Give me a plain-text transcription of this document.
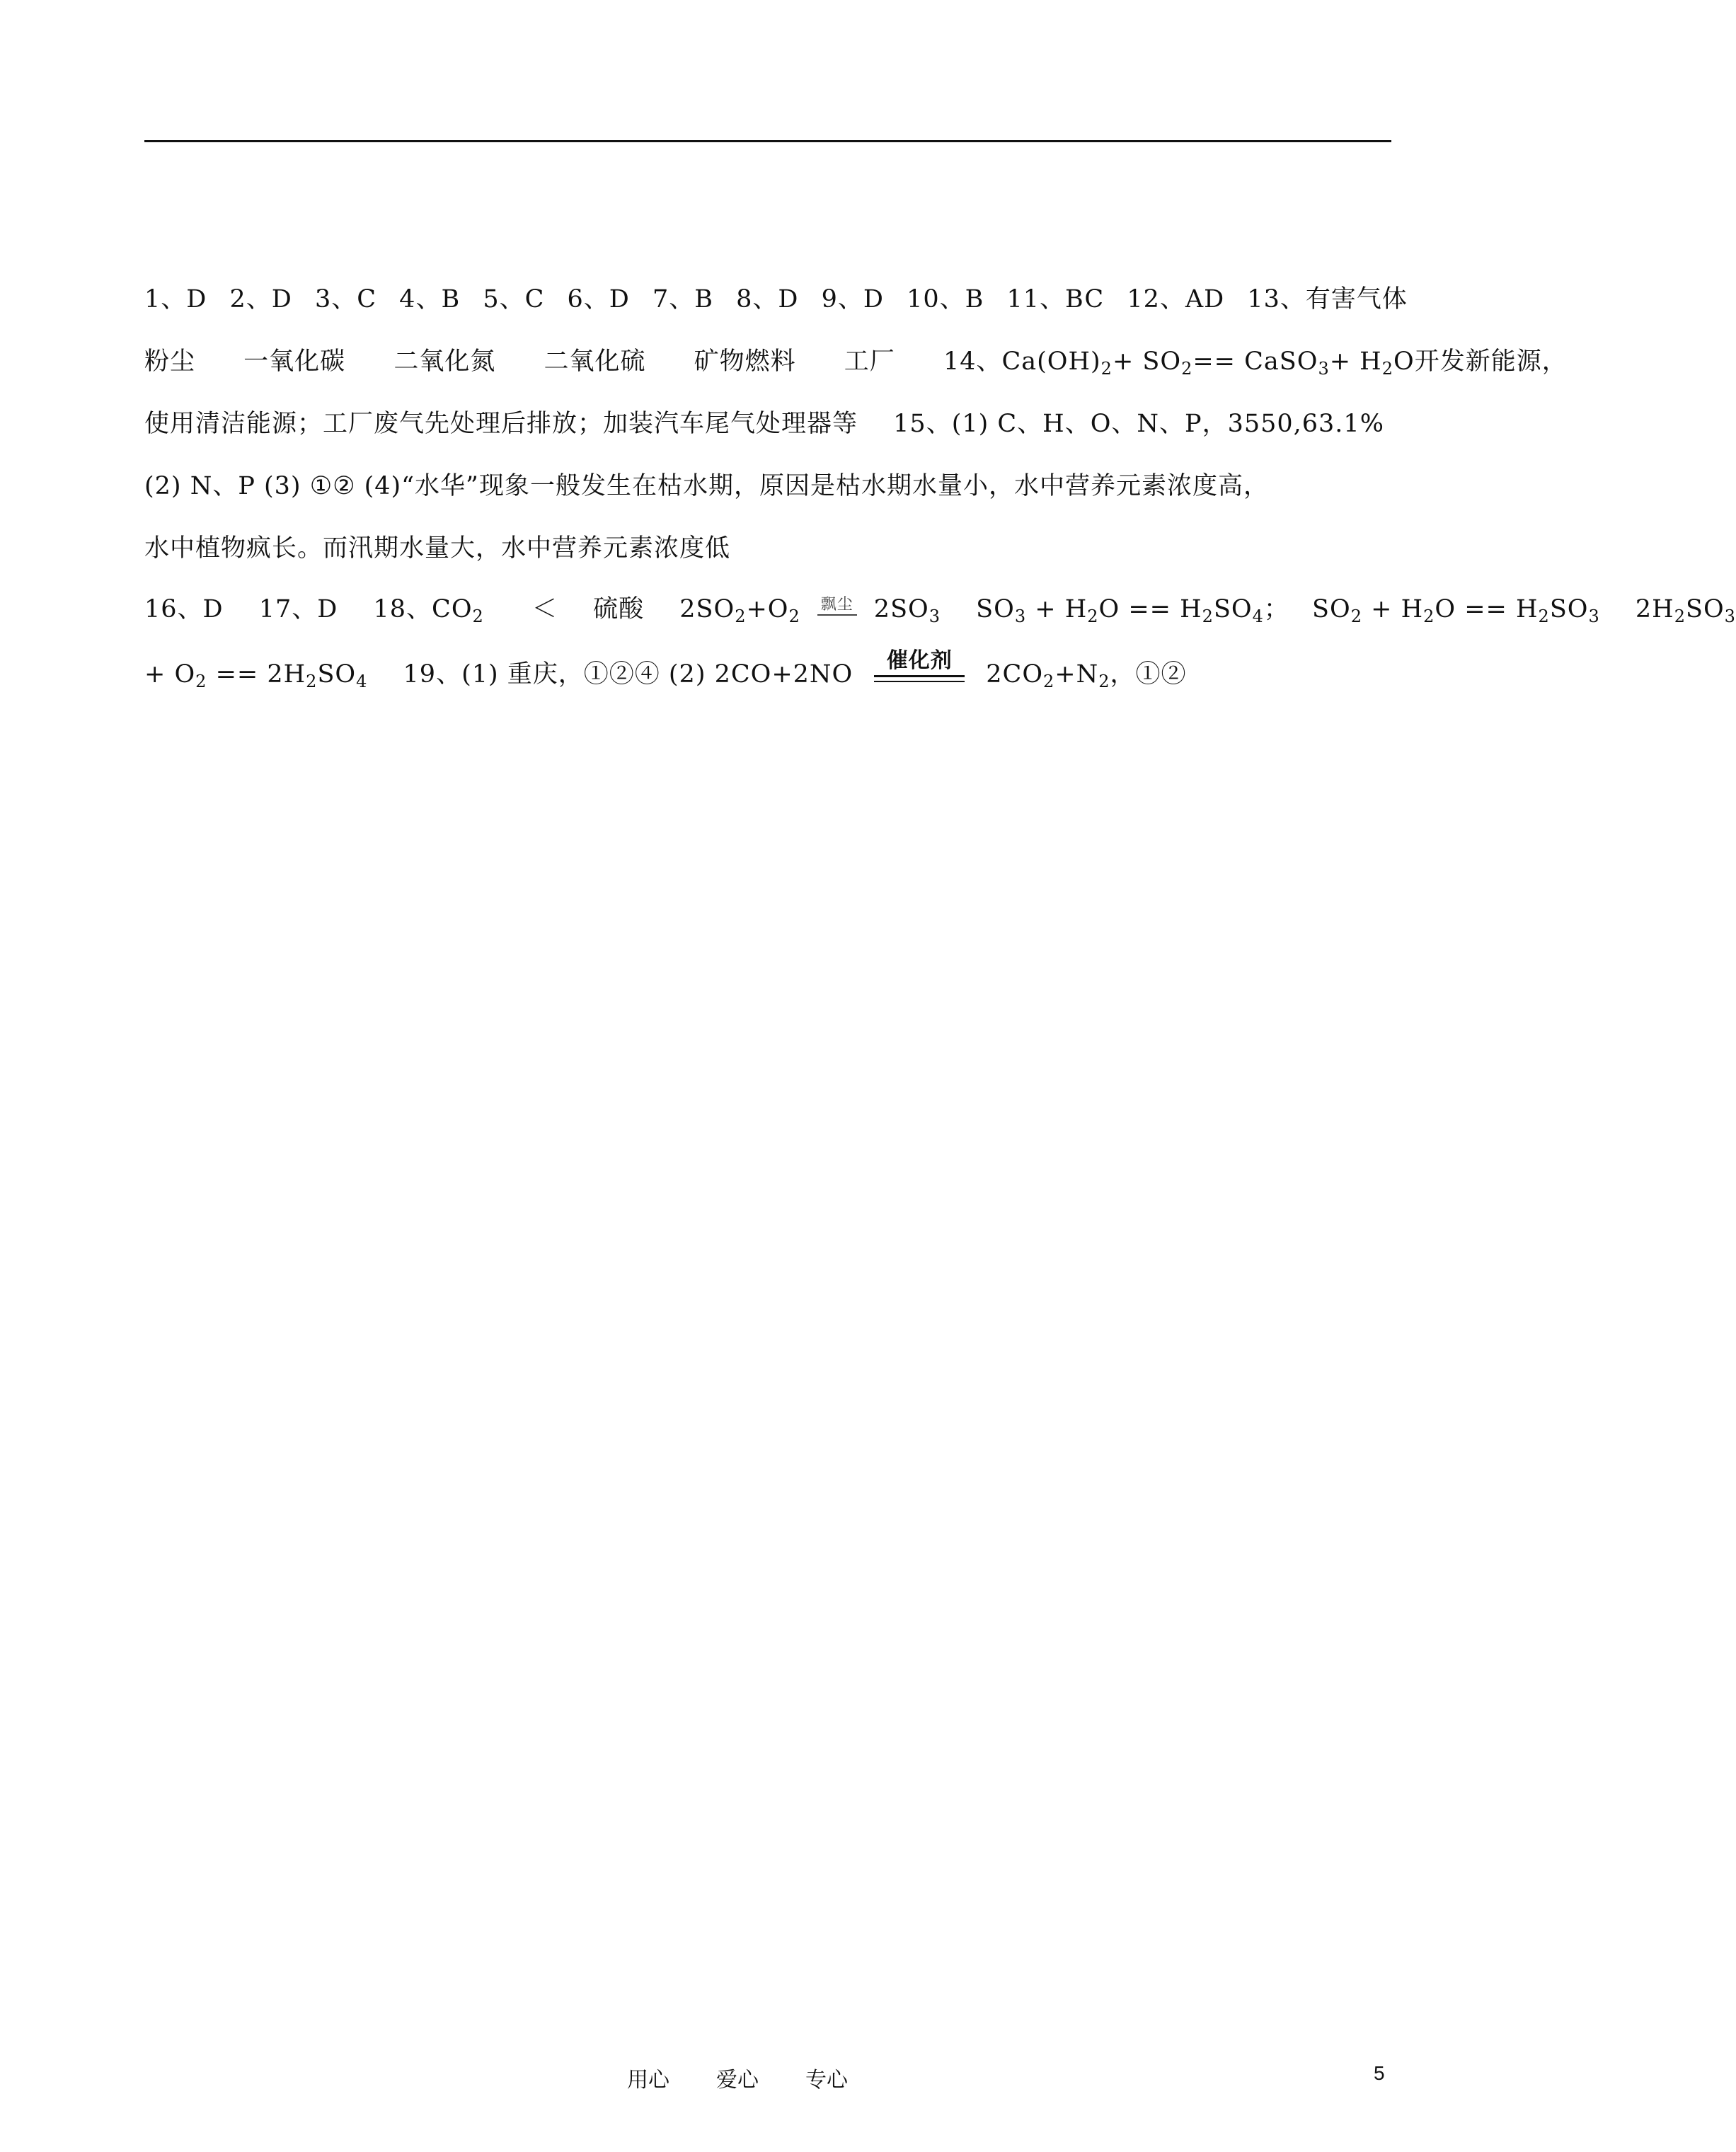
1、D 2、D 3、C 4、B 5、C 6、D 7、B 8、D 9、D 10、B 11、BC 12、AD 13、有害气体
粉尘 一氧化碳 二氧化氮 二氧化硫 矿物燃料 工厂 14、$Ca(OH)_2+ SO_2==$ CaSO$_3$+ $H_2O$开发新能源，
使用清洁能源；工厂废气先处理后排放；加装汽车尾气处理器等 15、(1) C、H、O、N、P，3550,63.1%
(2) N、P (3) ①② (4)“水华”现象一般发生在枯水期，原因是枯水期水量小，水中营养元素浓度高，
水中植物疯长。而汛期水量大，水中营养元素浓度低
16、D 17、D 18、$CO_2$ ＜ 硫酸 $2SO_2+O_2$
飘尘 $2SO_3$ $SO_3 + H_2O == H_2SO_4$； $SO_2 + H_2O == H_2SO_3$ $2H_2SO_3$
+ $O_2 == 2H_2SO_4$ 19、(1) 重庆，①②④ (2) 2CO+2NO	催化剂	$2CO_2+N_2$，①②
用心 爱心 专心	5
